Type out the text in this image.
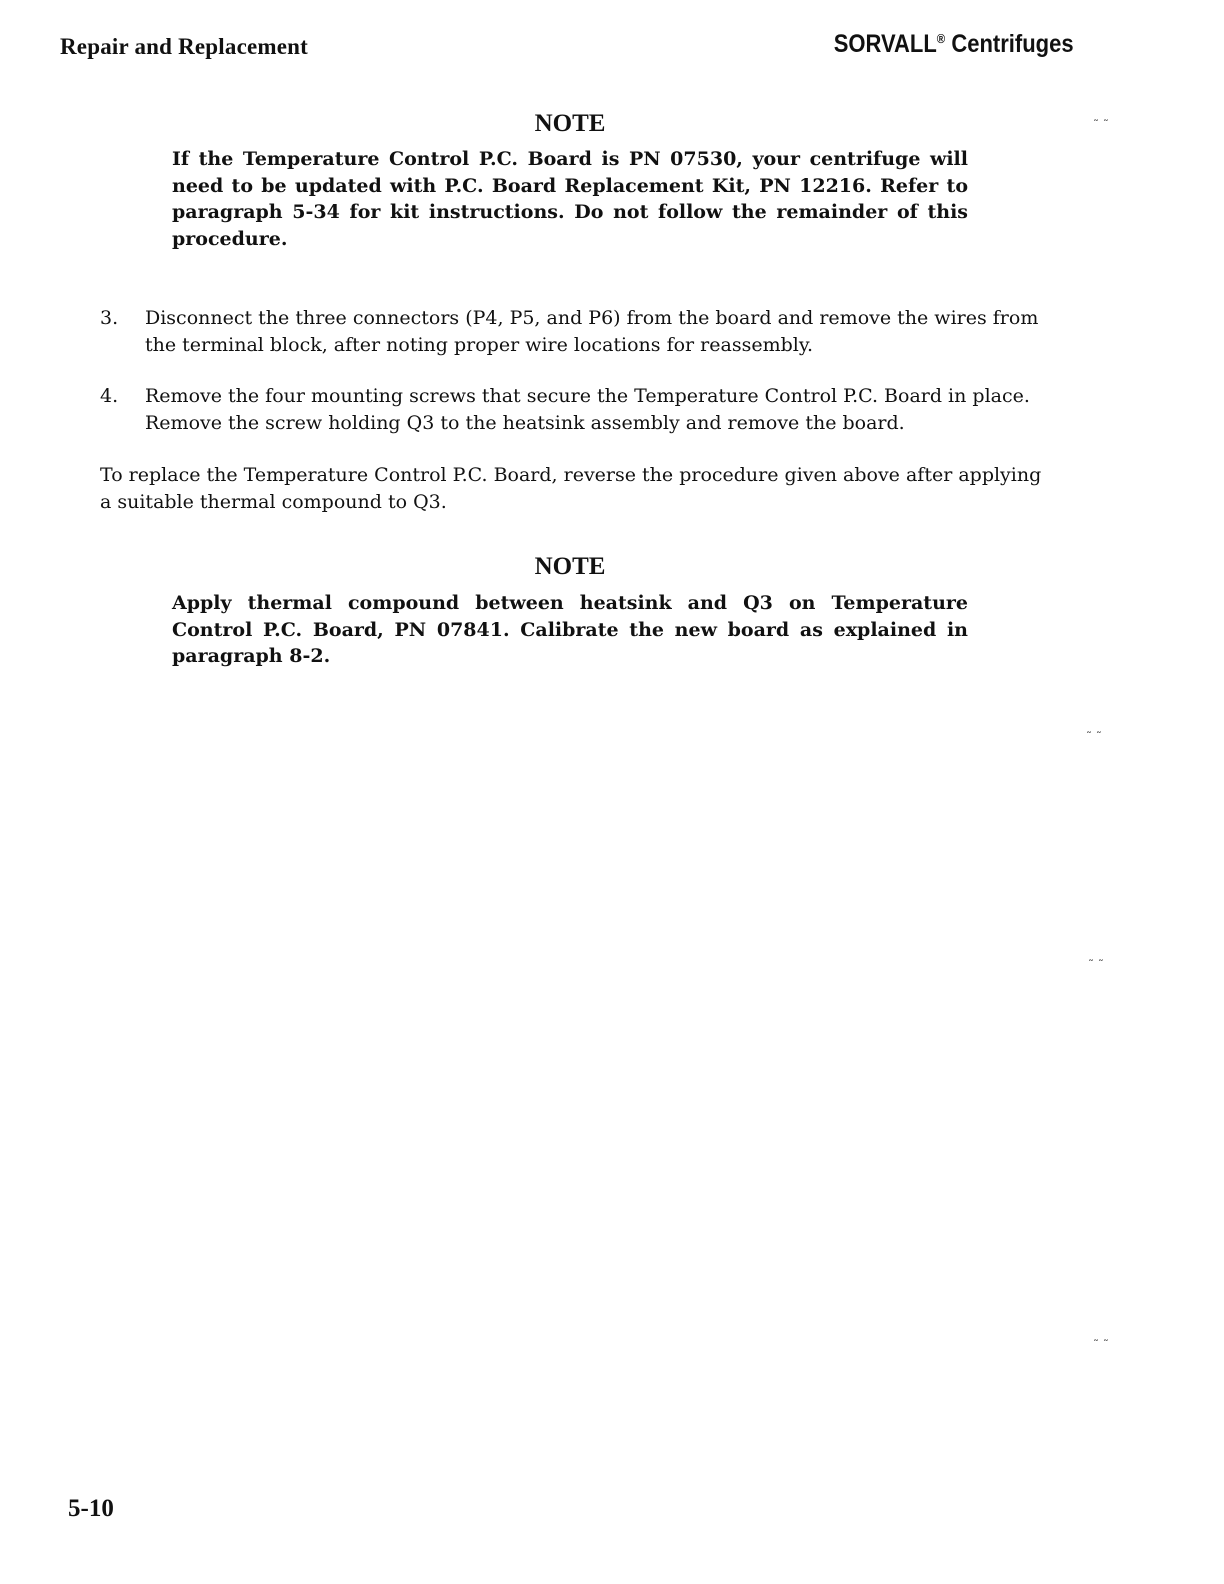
Repair and Replacement	SORVALL® Centrifuges
NOTE
If the Temperature Control P.C. Board is PN 07530, your centrifuge will need to be updated with P.C. Board Replacement Kit, PN 12216. Refer to paragraph 5-34 for kit instructions. Do not follow the remainder of this procedure.
3.	Disconnect the three connectors (P4, P5, and P6) from the board and remove the wires from the terminal block, after noting proper wire locations for reassembly.
4.	Remove the four mounting screws that secure the Temperature Control P.C. Board in place. Remove the screw holding Q3 to the heatsink assembly and remove the board.
To replace the Temperature Control P.C. Board, reverse the procedure given above after applying a suitable thermal compound to Q3.
NOTE
Apply thermal compound between heatsink and Q3 on Temperature Control P.C. Board, PN 07841. Calibrate the new board as explained in paragraph 8-2.
5-10
˜ ˜
˜ ˜
˜ ˜
˜ ˜
